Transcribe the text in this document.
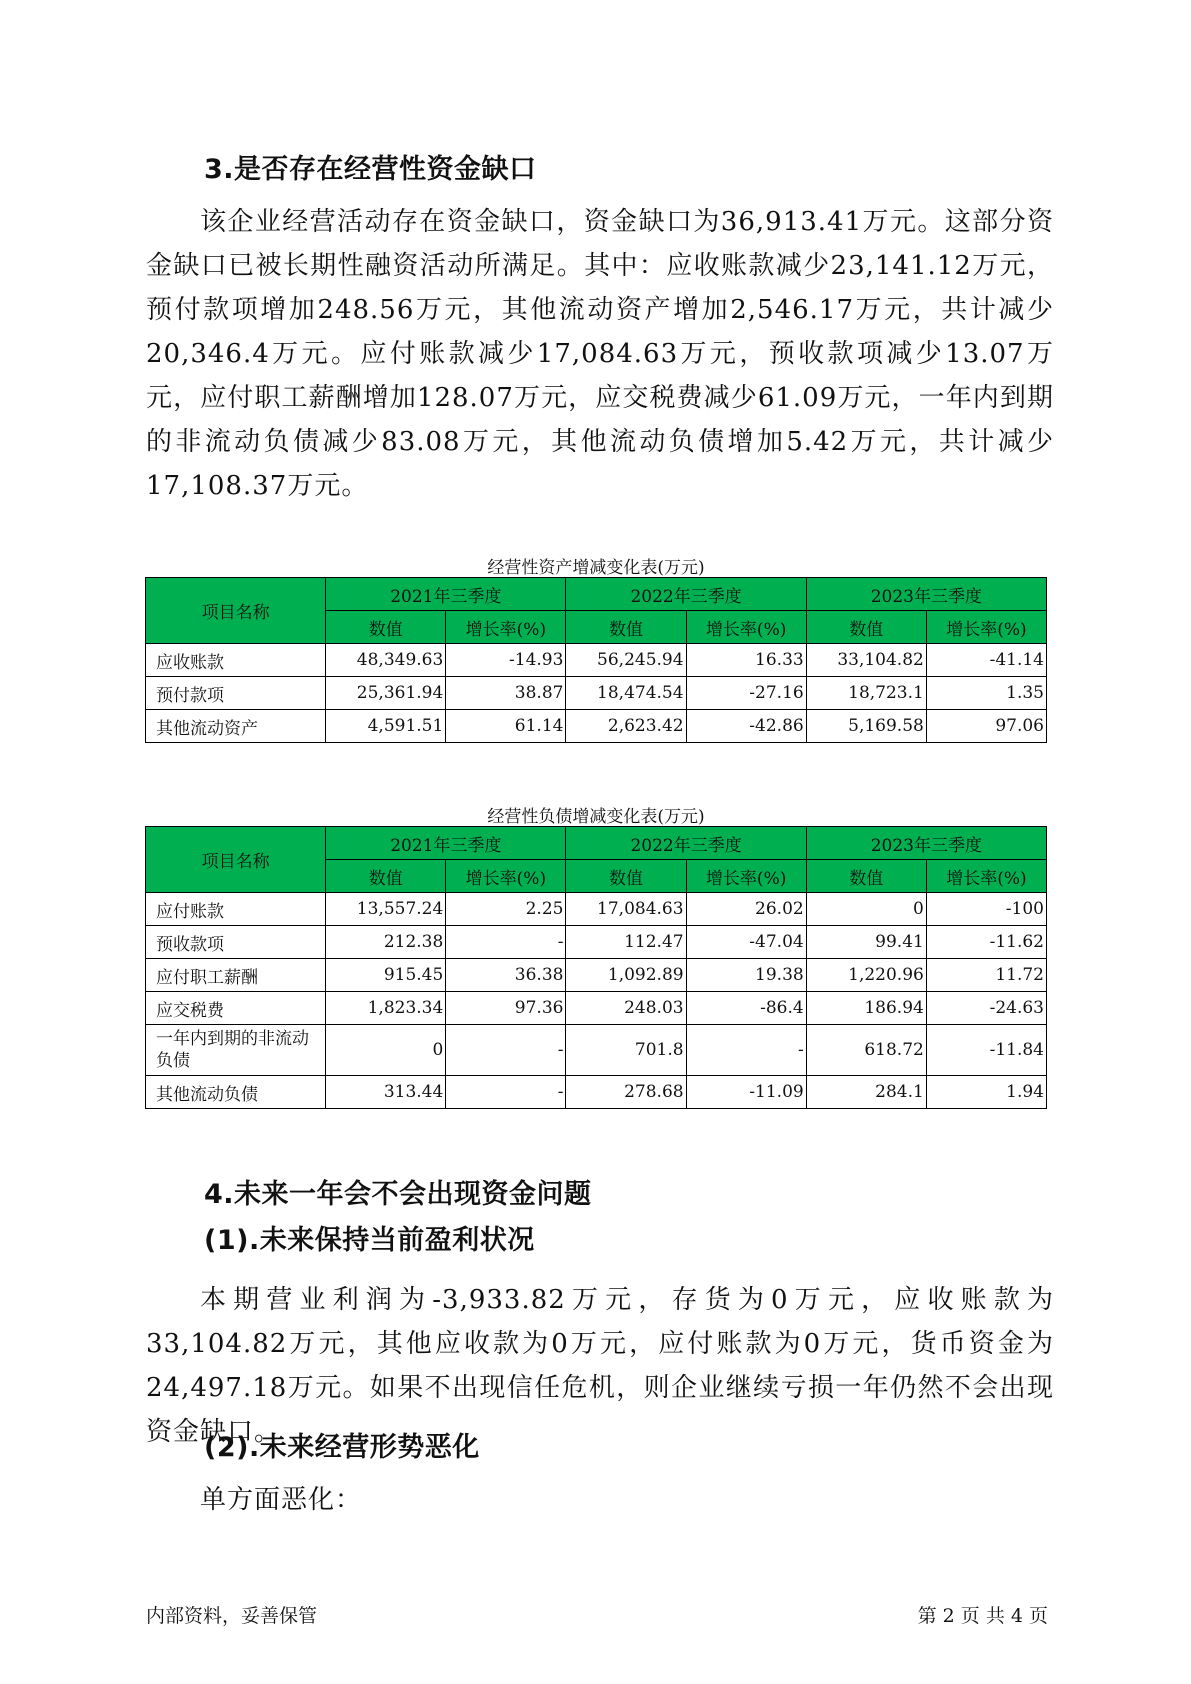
3.是否存在经营性资金缺口

该企业经营活动存在资金缺口，资金缺口为36,913.41万元。这部分资金缺口已被长期性融资活动所满足。其中：应收账款减少23,141.12万元，预付款项增加248.56万元，其他流动资产增加2,546.17万元，共计减少20,346.4万元。应付账款减少17,084.63万元，预收款项减少13.07万元，应付职工薪酬增加128.07万元，应交税费减少61.09万元，一年内到期的非流动负债减少83.08万元，其他流动负债增加5.42万元，共计减少17,108.37万元。

经营性资产增减变化表(万元)

项目名称	2021年三季度		2022年三季度		2023年三季度	
	数值	增长率(%)	数值	增长率(%)	数值	增长率(%)
应收账款	48,349.63	-14.93	56,245.94	16.33	33,104.82	-41.14
预付款项	25,361.94	38.87	18,474.54	-27.16	18,723.1	1.35
其他流动资产	4,591.51	61.14	2,623.42	-42.86	5,169.58	97.06

经营性负债增减变化表(万元)

项目名称	2021年三季度		2022年三季度		2023年三季度	
	数值	增长率(%)	数值	增长率(%)	数值	增长率(%)
应付账款	13,557.24	2.25	17,084.63	26.02	0	-100
预收款项	212.38	-	112.47	-47.04	99.41	-11.62
应付职工薪酬	915.45	36.38	1,092.89	19.38	1,220.96	11.72
应交税费	1,823.34	97.36	248.03	-86.4	186.94	-24.63
一年内到期的非流动负债	0	-	701.8	-	618.72	-11.84
其他流动负债	313.44	-	278.68	-11.09	284.1	1.94
4.未来一年会不会出现资金问题
(1).未来保持当前盈利状况

本期营业利润为-3,933.82万元，存货为0万元，应收账款为33,104.82万元，其他应收款为0万元，应付账款为0万元，货币资金为24,497.18万元。如果不出现信任危机，则企业继续亏损一年仍然不会出现资金缺口。

(2).未来经营形势恶化

单方面恶化：

内部资料，妥善保管	第 2 页 共 4 页
